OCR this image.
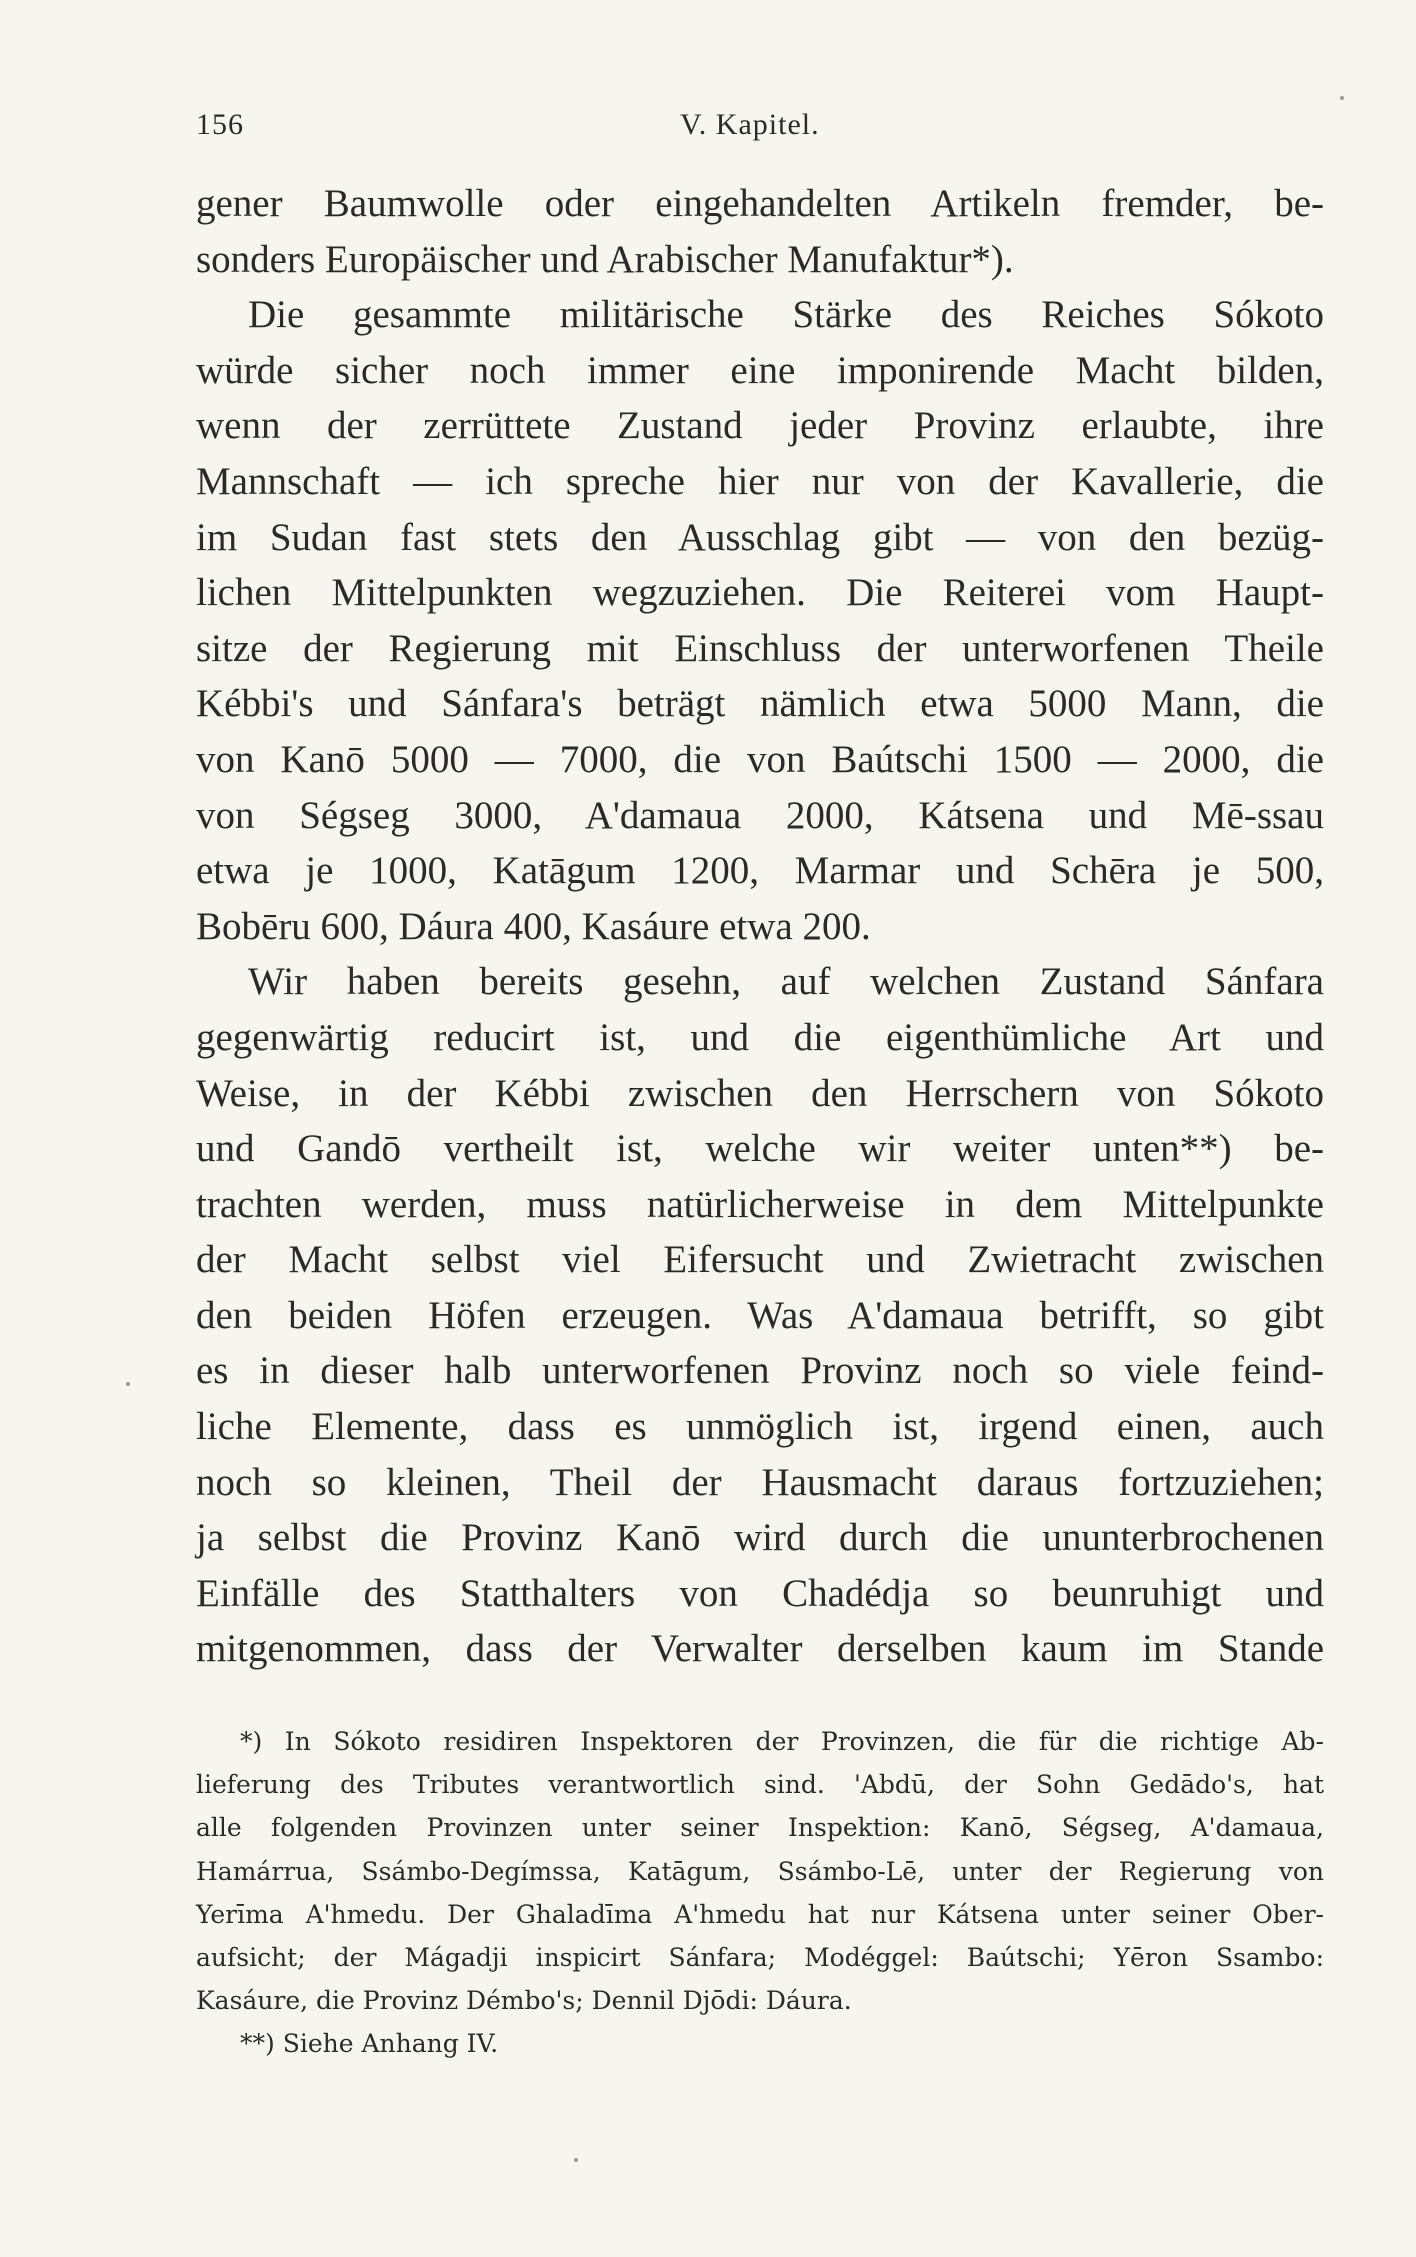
156	V. Kapitel.
gener Baumwolle oder eingehandelten Artikeln fremder, be-
sonders Europäischer und Arabischer Manufaktur*).
Die gesammte militärische Stärke des Reiches Sókoto
würde sicher noch immer eine imponirende Macht bilden,
wenn der zerrüttete Zustand jeder Provinz erlaubte, ihre
Mannschaft — ich spreche hier nur von der Kavallerie, die
im Sudan fast stets den Ausschlag gibt — von den bezüg-
lichen Mittelpunkten wegzuziehen. Die Reiterei vom Haupt-
sitze der Regierung mit Einschluss der unterworfenen Theile
Kébbi's und Sánfara's beträgt nämlich etwa 5000 Mann, die
von Kanō 5000 — 7000, die von Baútschi 1500 — 2000, die
von Ségseg 3000, A'damaua 2000, Kátsena und Mē-ssau
etwa je 1000, Katāgum 1200, Marmar und Schēra je 500,
Bobēru 600, Dáura 400, Kasáure etwa 200.
Wir haben bereits gesehn, auf welchen Zustand Sánfara
gegenwärtig reducirt ist, und die eigenthümliche Art und
Weise, in der Kébbi zwischen den Herrschern von Sókoto
und Gandō vertheilt ist, welche wir weiter unten**) be-
trachten werden, muss natürlicherweise in dem Mittelpunkte
der Macht selbst viel Eifersucht und Zwietracht zwischen
den beiden Höfen erzeugen. Was A'damaua betrifft, so gibt
es in dieser halb unterworfenen Provinz noch so viele feind-
liche Elemente, dass es unmöglich ist, irgend einen, auch
noch so kleinen, Theil der Hausmacht daraus fortzuziehen;
ja selbst die Provinz Kanō wird durch die ununterbrochenen
Einfälle des Statthalters von Chadédja so beunruhigt und
mitgenommen, dass der Verwalter derselben kaum im Stande
*) In Sókoto residiren Inspektoren der Provinzen, die für die richtige Ab-
lieferung des Tributes verantwortlich sind. 'Abdū, der Sohn Gedādo's, hat
alle folgenden Provinzen unter seiner Inspektion: Kanō, Ségseg, A'damaua,
Hamárrua, Ssámbo-Degímssa, Katāgum, Ssámbo-Lē, unter der Regierung von
Yerīma A'hmedu. Der Ghaladīma A'hmedu hat nur Kátsena unter seiner Ober-
aufsicht; der Mágadji inspicirt Sánfara; Modéggel: Baútschi; Yēron Ssambo:
Kasáure, die Provinz Démbo's; Dennil Djōdi: Dáura.
**) Siehe Anhang IV.
